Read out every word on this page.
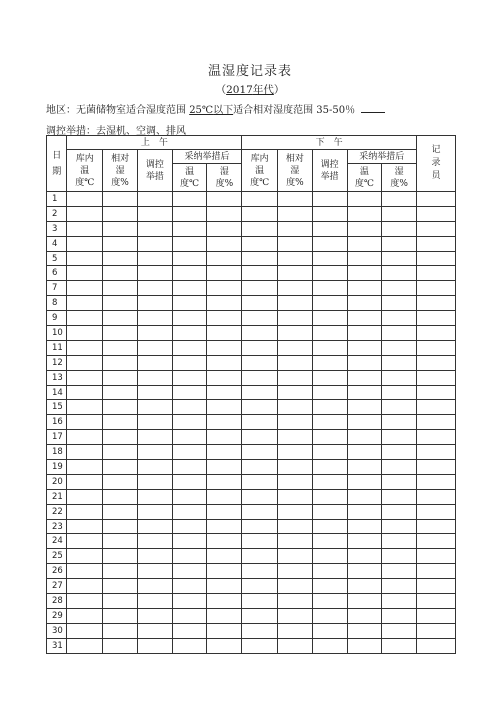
温湿度记录表
（2017年代）
地区：无菌储物室适合湿度范围 25℃以下适合相对湿度范围 35-50％
调控举措：去湿机、空调、排风
日期	上　午					下　午					记录员
	库内温度℃	相对湿度%	调控举措	采纳举措后		库内温度℃	相对湿度%	调控举措	采纳举措后		
				温度℃	湿度%				温度℃	湿度%	
1											
2											
3											
4											
5											
6											
7											
8											
9											
10											
11											
12											
13											
14											
15											
16											
17											
18											
19											
20											
21											
22											
23											
24											
25											
26											
27											
28											
29											
30											
31											
